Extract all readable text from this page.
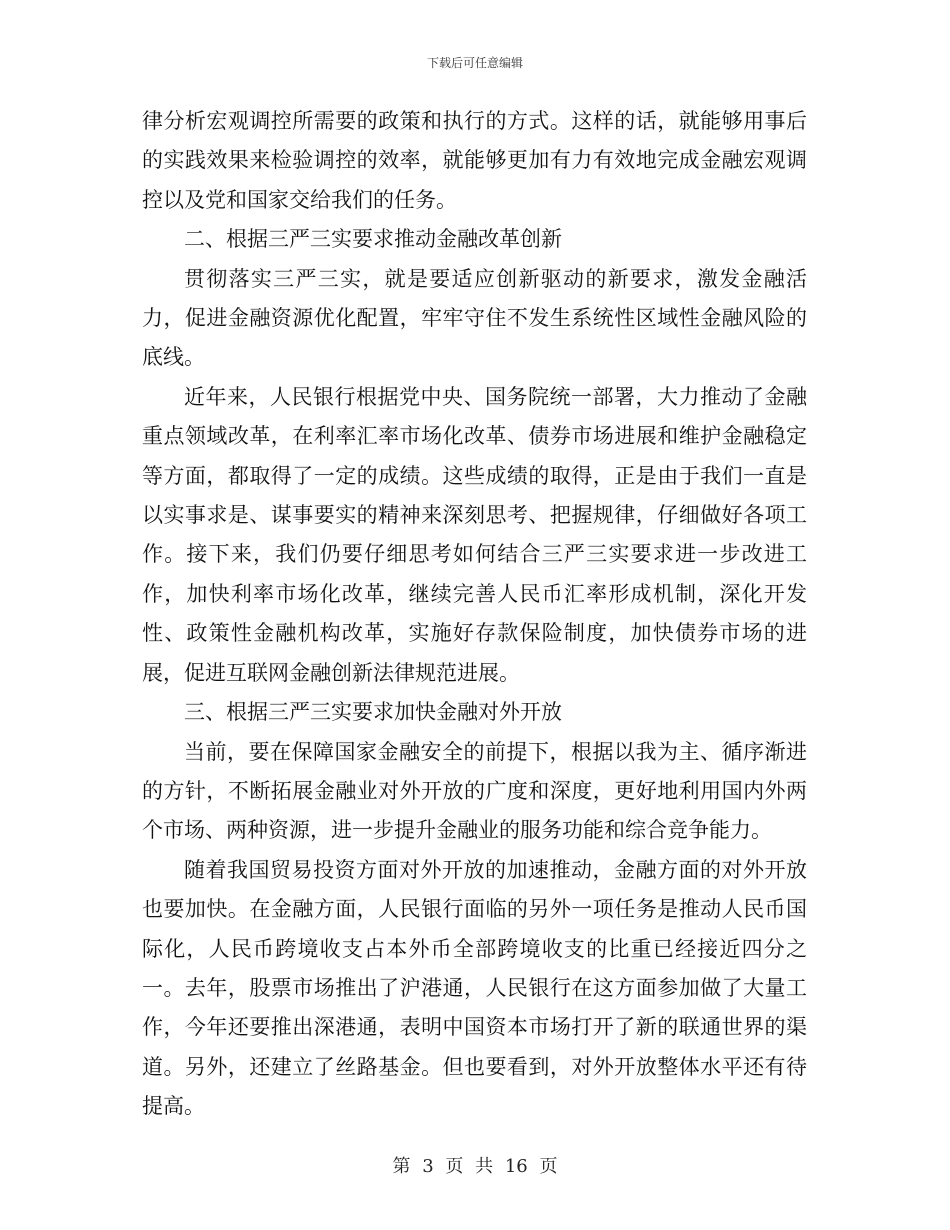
下载后可任意编辑

律分析宏观调控所需要的政策和执行的方式。这样的话，就能够用事后的实践效果来检验调控的效率，就能够更加有力有效地完成金融宏观调控以及党和国家交给我们的任务。

二、根据三严三实要求推动金融改革创新

贯彻落实三严三实，就是要适应创新驱动的新要求，激发金融活力，促进金融资源优化配置，牢牢守住不发生系统性区域性金融风险的底线。

近年来，人民银行根据党中央、国务院统一部署，大力推动了金融重点领域改革，在利率汇率市场化改革、债券市场进展和维护金融稳定等方面，都取得了一定的成绩。这些成绩的取得，正是由于我们一直是以实事求是、谋事要实的精神来深刻思考、把握规律，仔细做好各项工作。接下来，我们仍要仔细思考如何结合三严三实要求进一步改进工作，加快利率市场化改革，继续完善人民币汇率形成机制，深化开发性、政策性金融机构改革，实施好存款保险制度，加快债券市场的进展，促进互联网金融创新法律规范进展。

三、根据三严三实要求加快金融对外开放

当前，要在保障国家金融安全的前提下，根据以我为主、循序渐进的方针，不断拓展金融业对外开放的广度和深度，更好地利用国内外两个市场、两种资源，进一步提升金融业的服务功能和综合竞争能力。

随着我国贸易投资方面对外开放的加速推动，金融方面的对外开放也要加快。在金融方面，人民银行面临的另外一项任务是推动人民币国际化，人民币跨境收支占本外币全部跨境收支的比重已经接近四分之一。去年，股票市场推出了沪港通，人民银行在这方面参加做了大量工作，今年还要推出深港通，表明中国资本市场打开了新的联通世界的渠道。另外，还建立了丝路基金。但也要看到，对外开放整体水平还有待提高。

第 3 页 共 16 页
